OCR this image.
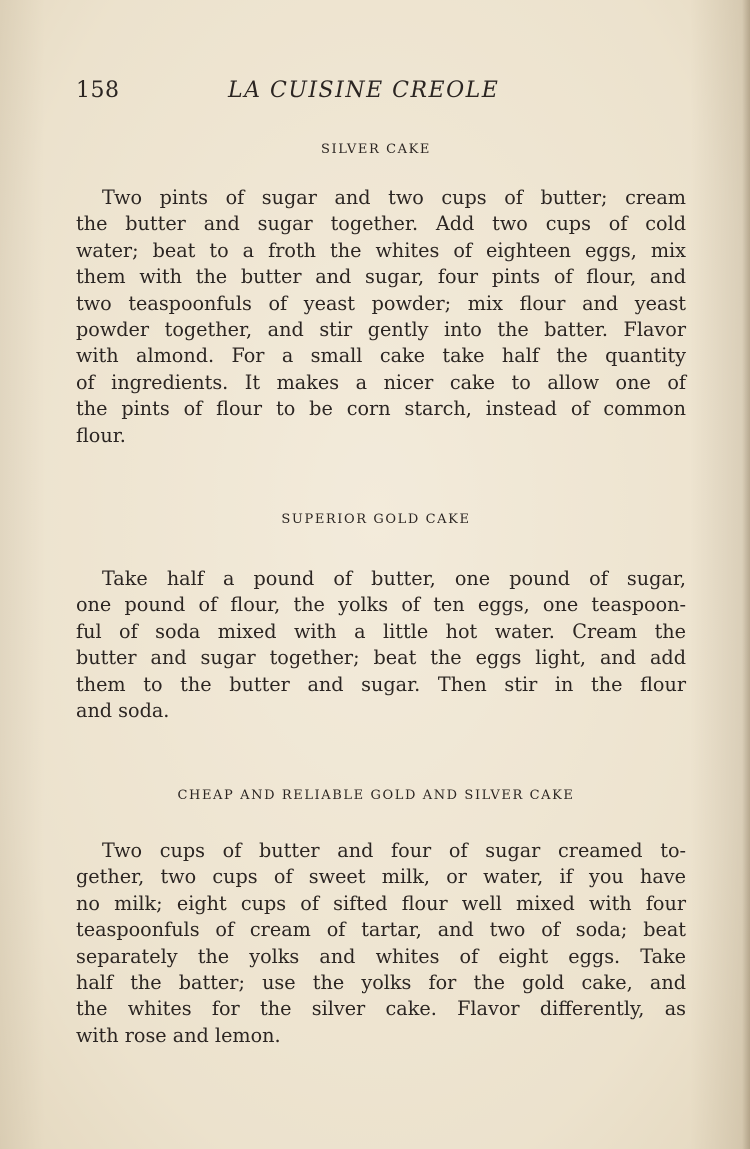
158	LA CUISINE CREOLE
SILVER CAKE
Two pints of sugar and two cups of butter; cream
the butter and sugar together. Add two cups of cold
water; beat to a froth the whites of eighteen eggs, mix
them with the butter and sugar, four pints of flour, and
two teaspoonfuls of yeast powder; mix flour and yeast
powder together, and stir gently into the batter. Flavor
with almond. For a small cake take half the quantity
of ingredients. It makes a nicer cake to allow one of
the pints of flour to be corn starch, instead of common
flour.
SUPERIOR GOLD CAKE
Take half a pound of butter, one pound of sugar,
one pound of flour, the yolks of ten eggs, one teaspoon-
ful of soda mixed with a little hot water. Cream the
butter and sugar together; beat the eggs light, and add
them to the butter and sugar. Then stir in the flour
and soda.
CHEAP AND RELIABLE GOLD AND SILVER CAKE
Two cups of butter and four of sugar creamed to-
gether, two cups of sweet milk, or water, if you have
no milk; eight cups of sifted flour well mixed with four
teaspoonfuls of cream of tartar, and two of soda; beat
separately the yolks and whites of eight eggs. Take
half the batter; use the yolks for the gold cake, and
the whites for the silver cake. Flavor differently, as
with rose and lemon.
